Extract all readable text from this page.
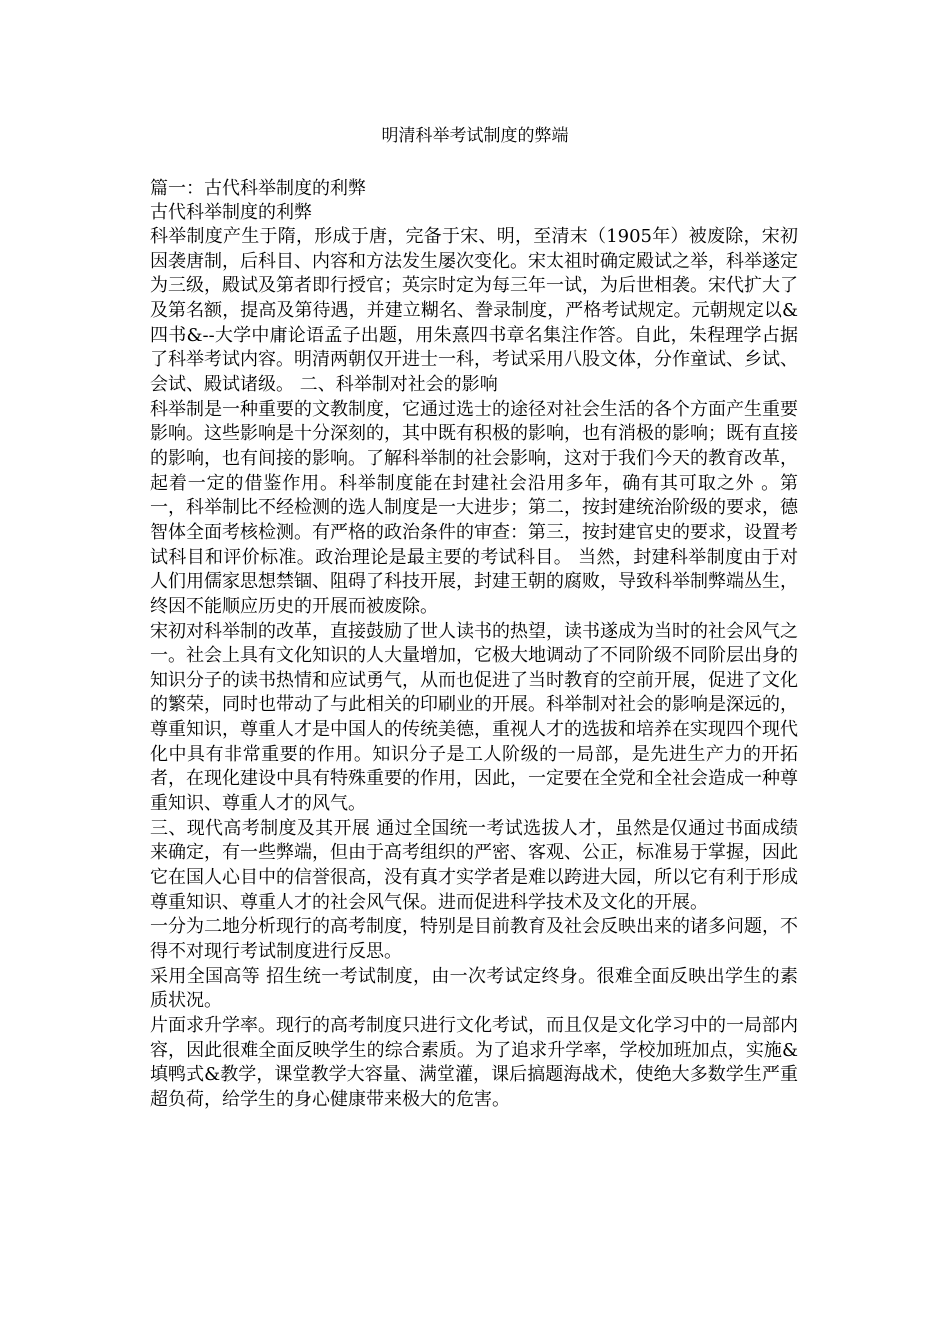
明清科举考试制度的弊端

篇一：古代科举制度的利弊

古代科举制度的利弊

科举制度产生于隋，形成于唐，完备于宋、明，至清末（1905年）被废除，宋初因袭唐制，后科目、内容和方法发生屡次变化。宋太祖时确定殿试之举，科举遂定为三级，殿试及第者即行授官；英宗时定为每三年一试，为后世相袭。宋代扩大了及第名额，提高及第待遇，并建立糊名、誊录制度，严格考试规定。元朝规定以&四书&--大学中庸论语孟子出题，用朱熹四书章名集注作答。自此，朱程理学占据了科举考试内容。明清两朝仅开进士一科，考试采用八股文体，分作童试、乡试、会试、殿试诸级。 二、科举制对社会的影响

科举制是一种重要的文教制度，它通过选士的途径对社会生活的各个方面产生重要影响。这些影响是十分深刻的，其中既有积极的影响，也有消极的影响；既有直接的影响，也有间接的影响。了解科举制的社会影响，这对于我们今天的教育改革，起着一定的借鉴作用。科举制度能在封建社会沿用多年，确有其可取之外 。第一，科举制比不经检测的选人制度是一大进步；第二，按封建统治阶级的要求，德智体全面考核检测。有严格的政治条件的审查：第三，按封建官史的要求，设置考试科目和评价标准。政治理论是最主要的考试科目。 当然，封建科举制度由于对人们用儒家思想禁锢、阻碍了科技开展，封建王朝的腐败，导致科举制弊端丛生，终因不能顺应历史的开展而被废除。

宋初对科举制的改革，直接鼓励了世人读书的热望，读书遂成为当时的社会风气之一。社会上具有文化知识的人大量增加，它极大地调动了不同阶级不同阶层出身的知识分子的读书热情和应试勇气，从而也促进了当时教育的空前开展，促进了文化的繁荣，同时也带动了与此相关的印刷业的开展。科举制对社会的影响是深远的，尊重知识，尊重人才是中国人的传统美德，重视人才的选拔和培养在实现四个现代化中具有非常重要的作用。知识分子是工人阶级的一局部，是先进生产力的开拓者，在现化建设中具有特殊重要的作用，因此，一定要在全党和全社会造成一种尊重知识、尊重人才的风气。

三、现代高考制度及其开展 通过全国统一考试选拔人才，虽然是仅通过书面成绩来确定，有一些弊端，但由于高考组织的严密、客观、公正，标准易于掌握，因此它在国人心目中的信誉很高，没有真才实学者是难以跨进大园，所以它有利于形成尊重知识、尊重人才的社会风气保。进而促进科学技术及文化的开展。

一分为二地分析现行的高考制度，特别是目前教育及社会反映出来的诸多问题，不得不对现行考试制度进行反思。

采用全国高等 招生统一考试制度，由一次考试定终身。很难全面反映出学生的素质状况。

片面求升学率。现行的高考制度只进行文化考试，而且仅是文化学习中的一局部内容，因此很难全面反映学生的综合素质。为了追求升学率，学校加班加点，实施&填鸭式&教学，课堂教学大容量、满堂灌，课后搞题海战术，使绝大多数学生严重超负荷，给学生的身心健康带来极大的危害。
